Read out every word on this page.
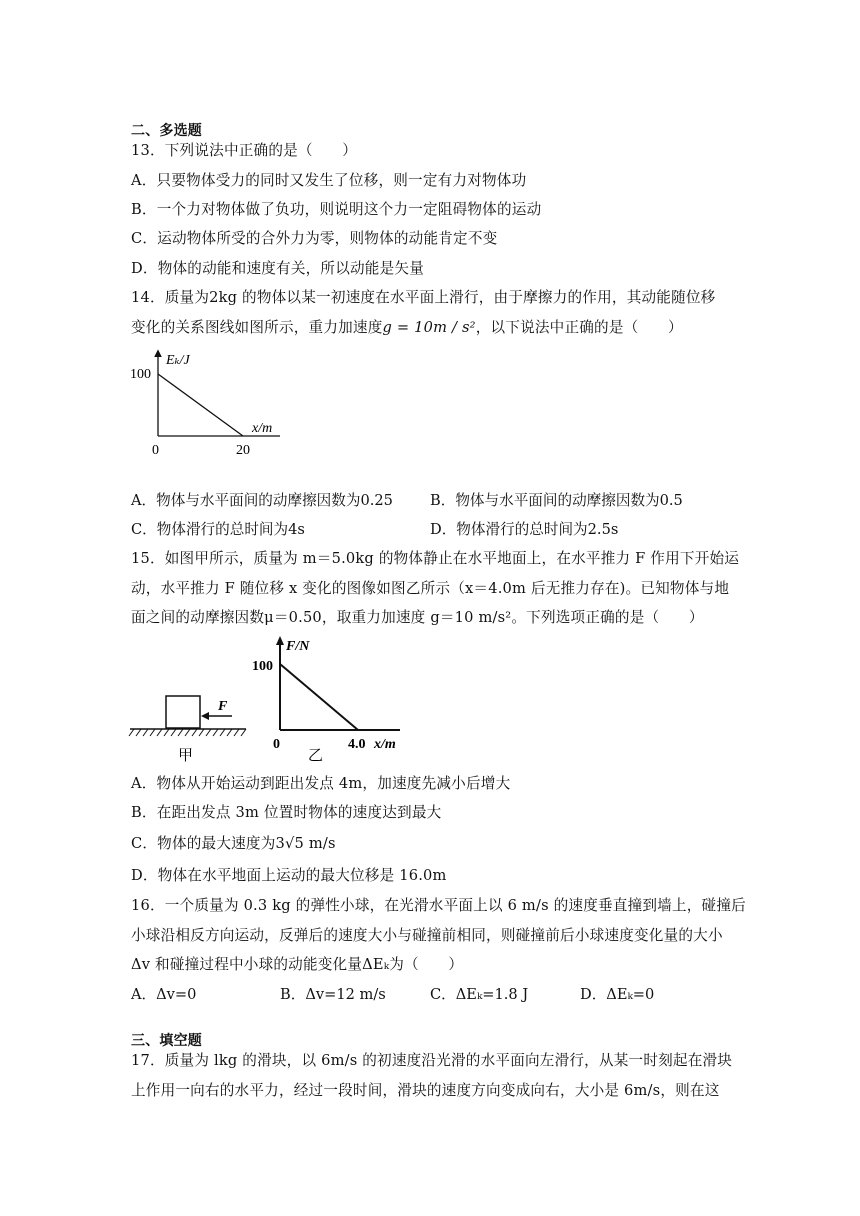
二、多选题
13．下列说法中正确的是（　　）
A．只要物体受力的同时又发生了位移，则一定有力对物体功
B．一个力对物体做了负功，则说明这个力一定阻碍物体的运动
C．运动物体所受的合外力为零，则物体的动能肯定不变
D．物体的动能和速度有关，所以动能是矢量
14．质量为2kg 的物体以某一初速度在水平面上滑行，由于摩擦力的作用，其动能随位移
变化的关系图线如图所示，重力加速度g = 10m / s²，以下说法中正确的是（　　）
Eₖ/J
100
x/m
0	20
A．物体与水平面间的动摩擦因数为0.25	B．物体与水平面间的动摩擦因数为0.5
C．物体滑行的总时间为4s	D．物体滑行的总时间为2.5s
15．如图甲所示，质量为 m＝5.0kg 的物体静止在水平地面上，在水平推力 F 作用下开始运
动，水平推力 F 随位移 x 变化的图像如图乙所示（x＝4.0m 后无推力存在)。已知物体与地
面之间的动摩擦因数μ＝0.50，取重力加速度 g＝10 m/s²。下列选项正确的是（　　）
F
甲
F/N
100
0	4.0 x/m
乙
A．物体从开始运动到距出发点 4m，加速度先减小后增大
B．在距出发点 3m 位置时物体的速度达到最大
C．物体的最大速度为3√5 m/s
D．物体在水平地面上运动的最大位移是 16.0m
16．一个质量为 0.3 kg 的弹性小球，在光滑水平面上以 6 m/s 的速度垂直撞到墙上，碰撞后
小球沿相反方向运动，反弹后的速度大小与碰撞前相同，则碰撞前后小球速度变化量的大小
Δv 和碰撞过程中小球的动能变化量ΔEₖ为（　　）
A．Δv=0	B．Δv=12 m/s	C．ΔEₖ=1.8 J	D．ΔEₖ=0
三、填空题
17．质量为 lkg 的滑块，以 6m/s 的初速度沿光滑的水平面向左滑行，从某一时刻起在滑块
上作用一向右的水平力，经过一段时间，滑块的速度方向变成向右，大小是 6m/s，则在这
